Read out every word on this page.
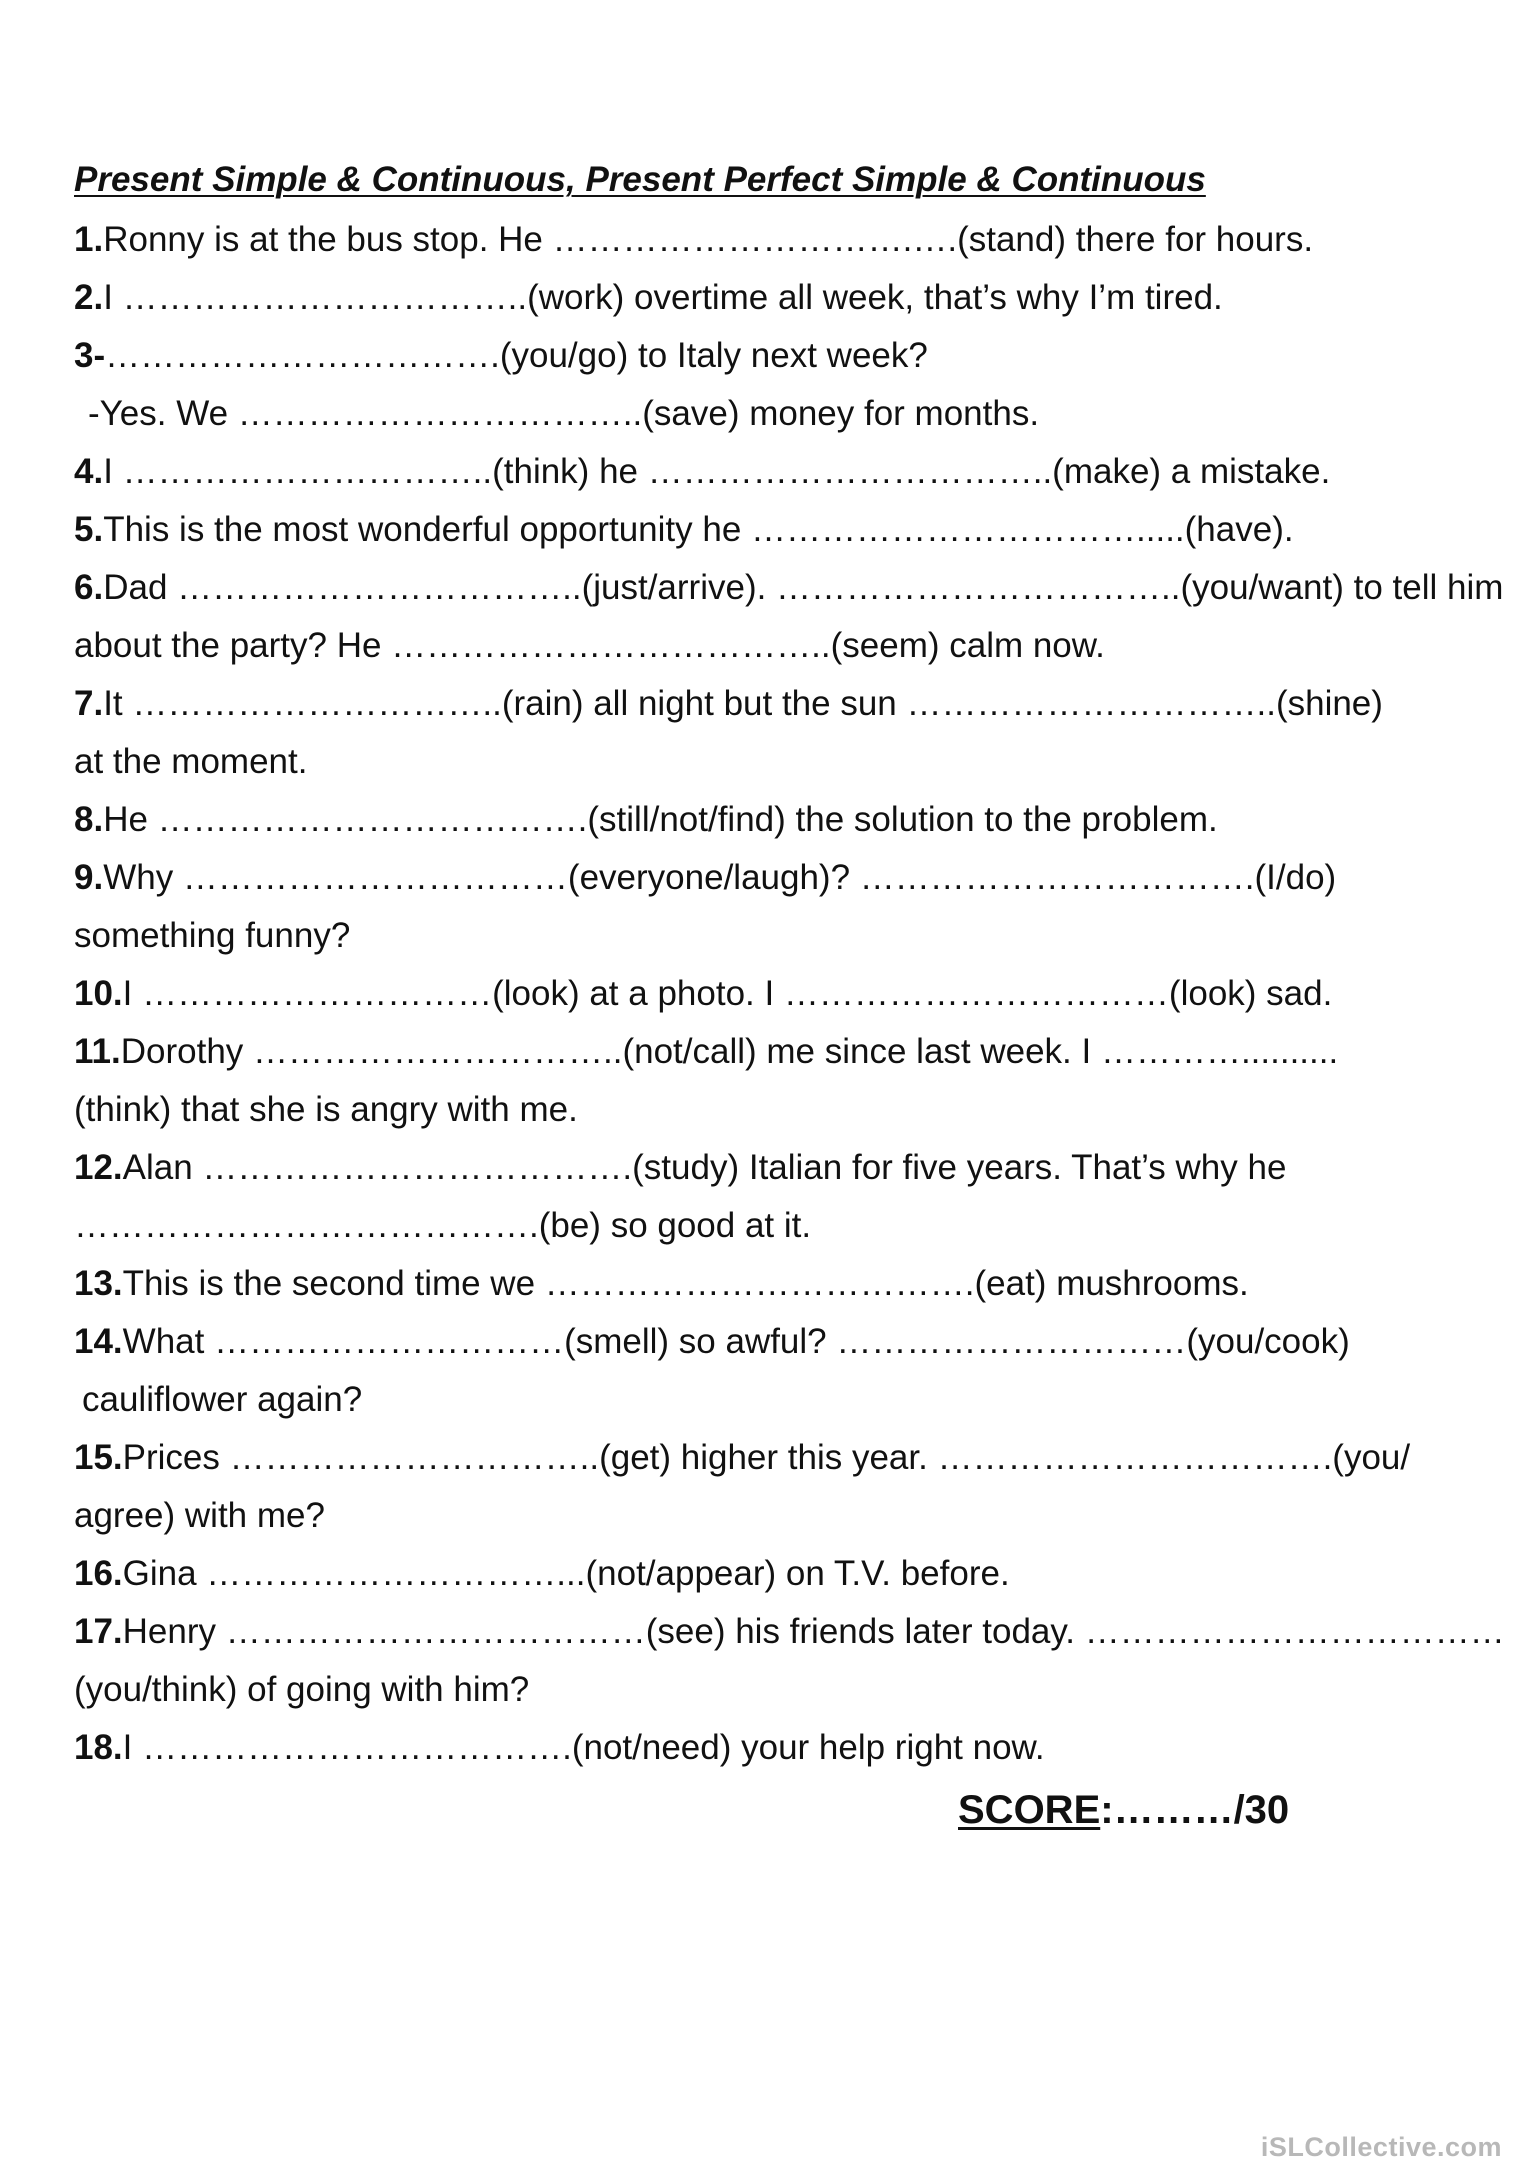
Present Simple & Continuous, Present Perfect Simple & Continuous
1.Ronny is at the bus stop. He ………………………….….(stand) there for hours.
2.I ……………………………..(work) overtime all week, that’s why I’m tired.
3-…………………………….(you/go) to Italy next week?
-Yes. We ……………………………..(save) money for months.
4.I …………………………..(think) he ……………………………..(make) a mistake.
5.This is the most wonderful opportunity he …………………………….....(have).
6.Dad ……………………………..(just/arrive). ……………………………..(you/want) to tell him
about the party? He ………………………………..(seem) calm now.
7.It …………………………..(rain) all night but the sun …………………………..(shine)
at the moment.
8.He ……………………………….(still/not/find) the solution to the problem.
9.Why ……………………………(everyone/laugh)? …………………………….(I/do)
something funny?
10.I …………………………(look) at a photo. I ……………………………(look) sad.
11.Dorothy …………………………..(not/call) me since last week. I …………..........
(think) that she is angry with me.
12.Alan ……………………………….(study) Italian for five years. That’s why he
………………………………….(be) so good at it.
13.This is the second time we ……………………………….(eat) mushrooms.
14.What …………………………(smell) so awful? …………………………(you/cook)
cauliflower again?
15.Prices …………………………..(get) higher this year. …………………………….(you/
agree) with me?
16.Gina …………………………...(not/appear) on T.V. before.
17.Henry ………………………………(see) his friends later today. ………………………………
(you/think) of going with him?
18.I ……………………………….(not/need) your help right now.
SCORE:………/30
iSLCollective.com
